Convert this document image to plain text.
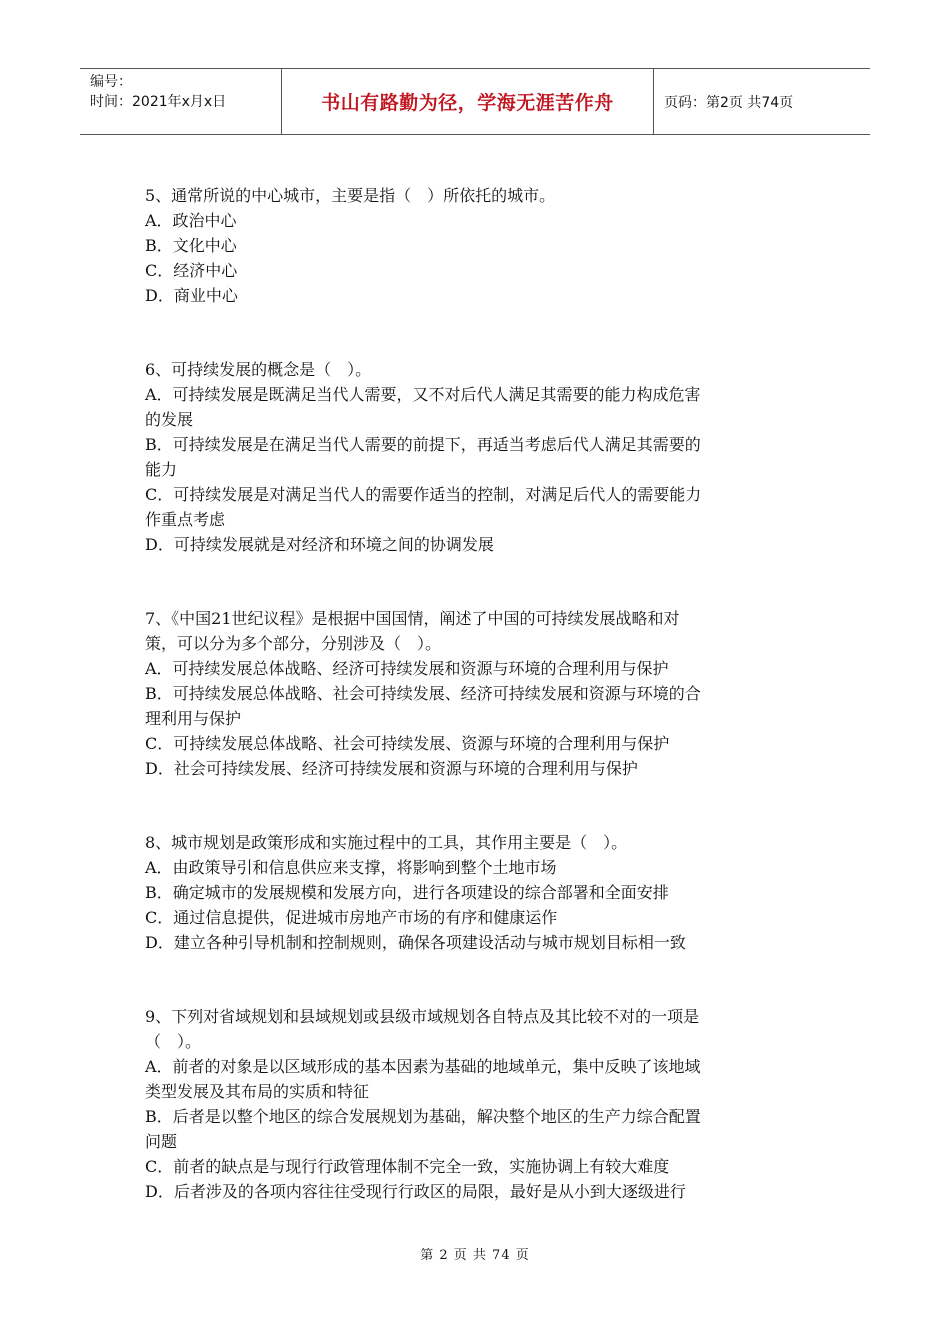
编号：
时间：2021年x月x日	书山有路勤为径，学海无涯苦作舟	页码：第2页 共74页

5、通常所说的中心城市，主要是指（　）所依托的城市。

A．政治中心

B．文化中心

C．经济中心

D．商业中心

6、可持续发展的概念是（　）。

A．可持续发展是既满足当代人需要，又不对后代人满足其需要的能力构成危害

的发展

B．可持续发展是在满足当代人需要的前提下，再适当考虑后代人满足其需要的

能力

C．可持续发展是对满足当代人的需要作适当的控制，对满足后代人的需要能力

作重点考虑

D．可持续发展就是对经济和环境之间的协调发展

7、《中国21世纪议程》是根据中国国情，阐述了中国的可持续发展战略和对

策，可以分为多个部分，分别涉及（　）。

A．可持续发展总体战略、经济可持续发展和资源与环境的合理利用与保护

B．可持续发展总体战略、社会可持续发展、经济可持续发展和资源与环境的合

理利用与保护

C．可持续发展总体战略、社会可持续发展、资源与环境的合理利用与保护

D．社会可持续发展、经济可持续发展和资源与环境的合理利用与保护

8、城市规划是政策形成和实施过程中的工具，其作用主要是（　）。

A．由政策导引和信息供应来支撑，将影响到整个土地市场

B．确定城市的发展规模和发展方向，进行各项建设的综合部署和全面安排

C．通过信息提供，促进城市房地产市场的有序和健康运作

D．建立各种引导机制和控制规则，确保各项建设活动与城市规划目标相一致

9、下列对省域规划和县域规划或县级市域规划各自特点及其比较不对的一项是

（　）。

A．前者的对象是以区域形成的基本因素为基础的地域单元，集中反映了该地域

类型发展及其布局的实质和特征

B．后者是以整个地区的综合发展规划为基础，解决整个地区的生产力综合配置

问题

C．前者的缺点是与现行行政管理体制不完全一致，实施协调上有较大难度

D．后者涉及的各项内容往往受现行行政区的局限，最好是从小到大逐级进行

第 2 页 共 74 页
